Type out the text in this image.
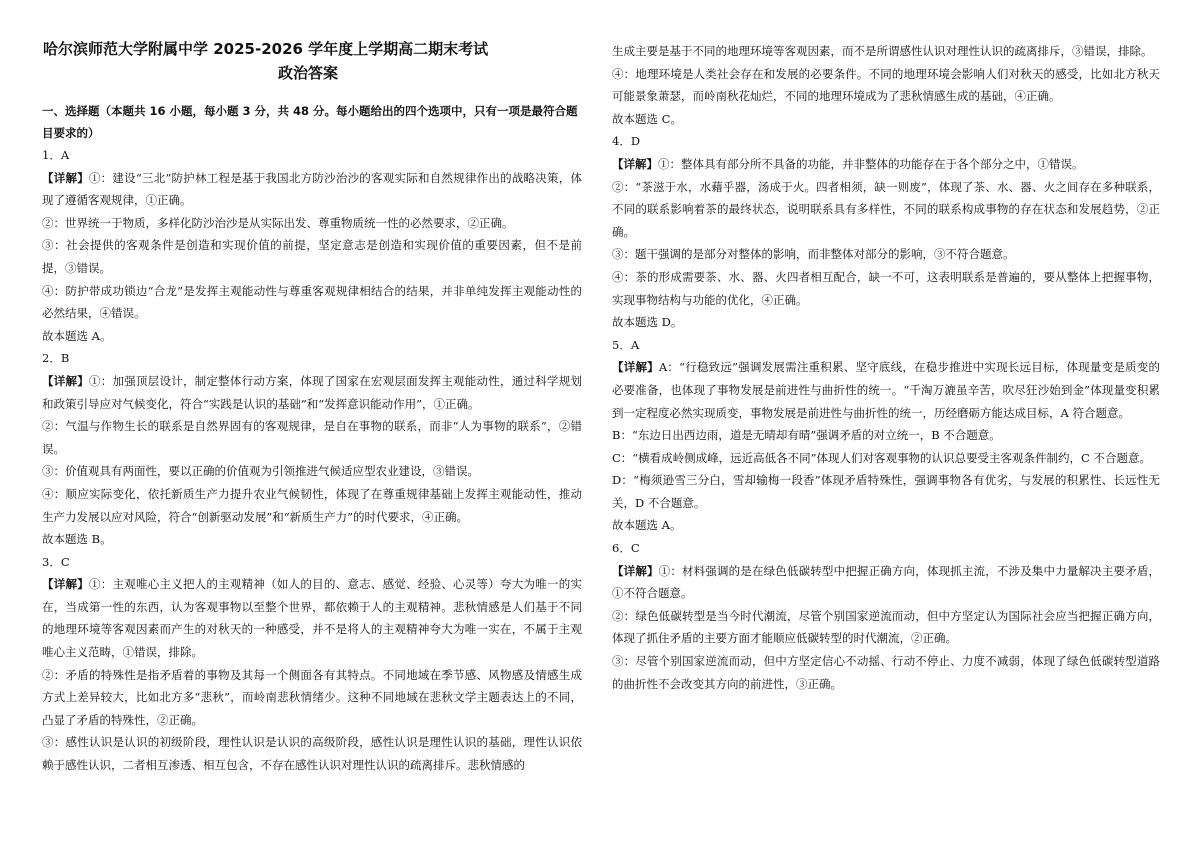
哈尔滨师范大学附属中学 2025-2026 学年度上学期高二期末考试

政治答案

一、选择题（本题共 16 小题，每小题 3 分，共 48 分。每小题给出的四个选项中，只有一项是最符合题目要求的）

1．A

【详解】①：建设“三北”防护林工程是基于我国北方防沙治沙的客观实际和自然规律作出的战略决策，体现了遵循客观规律，①正确。

②：世界统一于物质，多样化防沙治沙是从实际出发、尊重物质统一性的必然要求，②正确。

③：社会提供的客观条件是创造和实现价值的前提，坚定意志是创造和实现价值的重要因素，但不是前提，③错误。

④：防护带成功锁边“合龙”是发挥主观能动性与尊重客观规律相结合的结果，并非单纯发挥主观能动性的必然结果，④错误。

故本题选 A。

2．B

【详解】①：加强顶层设计，制定整体行动方案，体现了国家在宏观层面发挥主观能动性，通过科学规划和政策引导应对气候变化，符合“实践是认识的基础”和“发挥意识能动作用”，①正确。

②：气温与作物生长的联系是自然界固有的客观规律，是自在事物的联系，而非“人为事物的联系”，②错误。

③：价值观具有两面性，要以正确的价值观为引领推进气候适应型农业建设，③错误。

④：顺应实际变化，依托新质生产力提升农业气候韧性，体现了在尊重规律基础上发挥主观能动性，推动生产力发展以应对风险，符合“创新驱动发展”和“新质生产力”的时代要求，④正确。

故本题选 B。

3．C

【详解】①：主观唯心主义把人的主观精神（如人的目的、意志、感觉、经验、心灵等）夸大为唯一的实在，当成第一性的东西，认为客观事物以至整个世界，都依赖于人的主观精神。悲秋情感是人们基于不同的地理环境等客观因素而产生的对秋天的一种感受，并不是将人的主观精神夸大为唯一实在，不属于主观唯心主义范畴，①错误，排除。

②：矛盾的特殊性是指矛盾着的事物及其每一个侧面各有其特点。不同地域在季节感、风物感及情感生成方式上差异较大，比如北方多“悲秋”，而岭南悲秋情绪少。这种不同地域在悲秋文学主题表达上的不同，凸显了矛盾的特殊性，②正确。

③：感性认识是认识的初级阶段，理性认识是认识的高级阶段，感性认识是理性认识的基础，理性认识依赖于感性认识，二者相互渗透、相互包含，不存在感性认识对理性认识的疏离排斥。悲秋情感的

生成主要是基于不同的地理环境等客观因素，而不是所谓感性认识对理性认识的疏离排斥，③错误，排除。

④：地理环境是人类社会存在和发展的必要条件。不同的地理环境会影响人们对秋天的感受，比如北方秋天可能景象萧瑟，而岭南秋花灿烂，不同的地理环境成为了悲秋情感生成的基础，④正确。

故本题选 C。

4．D

【详解】①：整体具有部分所不具备的功能，并非整体的功能存在于各个部分之中，①错误。

②：“茶滋于水，水藉乎器，汤成于火。四者相须，缺一则废”，体现了茶、水、器、火之间存在多种联系，不同的联系影响着茶的最终状态，说明联系具有多样性，不同的联系构成事物的存在状态和发展趋势，②正确。

③：题干强调的是部分对整体的影响，而非整体对部分的影响，③不符合题意。

④：茶的形成需要茶、水、器、火四者相互配合，缺一不可，这表明联系是普遍的，要从整体上把握事物，实现事物结构与功能的优化，④正确。

故本题选 D。

5．A

【详解】A：“行稳致远”强调发展需注重积累、坚守底线，在稳步推进中实现长远目标，体现量变是质变的必要准备，也体现了事物发展是前进性与曲折性的统一。“千淘万漉虽辛苦，吹尽狂沙始到金”体现量变积累到一定程度必然实现质变，事物发展是前进性与曲折性的统一，历经磨砺方能达成目标，A 符合题意。

B：“东边日出西边雨，道是无晴却有晴”强调矛盾的对立统一，B 不合题意。

C：“横看成岭侧成峰，远近高低各不同”体现人们对客观事物的认识总要受主客观条件制约，C 不合题意。

D：“梅须逊雪三分白，雪却输梅一段香”体现矛盾特殊性，强调事物各有优劣，与发展的积累性、长远性无关，D 不合题意。

故本题选 A。

6．C

【详解】①：材料强调的是在绿色低碳转型中把握正确方向，体现抓主流，不涉及集中力量解决主要矛盾，①不符合题意。

②：绿色低碳转型是当今时代潮流，尽管个别国家逆流而动，但中方坚定认为国际社会应当把握正确方向，体现了抓住矛盾的主要方面才能顺应低碳转型的时代潮流，②正确。

③：尽管个别国家逆流而动，但中方坚定信心不动摇、行动不停止、力度不减弱，体现了绿色低碳转型道路的曲折性不会改变其方向的前进性，③正确。
